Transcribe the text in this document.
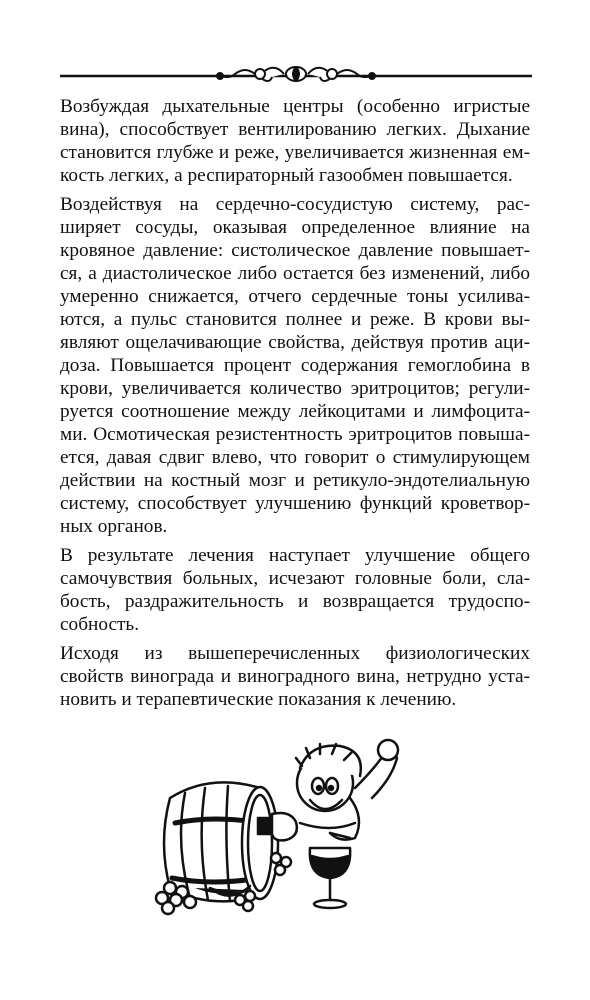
Возбуждая дыхательные центры (особенно игристые
вина), способствует вентилированию легких. Дыхание
становится глубже и реже, увеличивается жизненная ем-
кость легких, а респираторный газообмен повышается.
Воздействуя на сердечно-сосудистую систему, рас-
ширяет сосуды, оказывая определенное влияние на
кровяное давление: систолическое давление повышает-
ся, а диастолическое либо остается без изменений, либо
умеренно снижается, отчего сердечные тоны усилива-
ются, а пульс становится полнее и реже. В крови вы-
являют ощелачивающие свойства, действуя против аци-
доза. Повышается процент содержания гемоглобина в
крови, увеличивается количество эритроцитов; регули-
руется соотношение между лейкоцитами и лимфоцита-
ми. Осмотическая резистентность эритроцитов повыша-
ется, давая сдвиг влево, что говорит о стимулирующем
действии на костный мозг и ретикуло-эндотелиальную
систему, способствует улучшению функций кроветвор-
ных органов.
В результате лечения наступает улучшение общего
самочувствия больных, исчезают головные боли, сла-
бость, раздражительность и возвращается трудоспо-
собность.
Исходя из вышеперечисленных физиологических
свойств винограда и виноградного вина, нетрудно уста-
новить и терапевтические показания к лечению.
